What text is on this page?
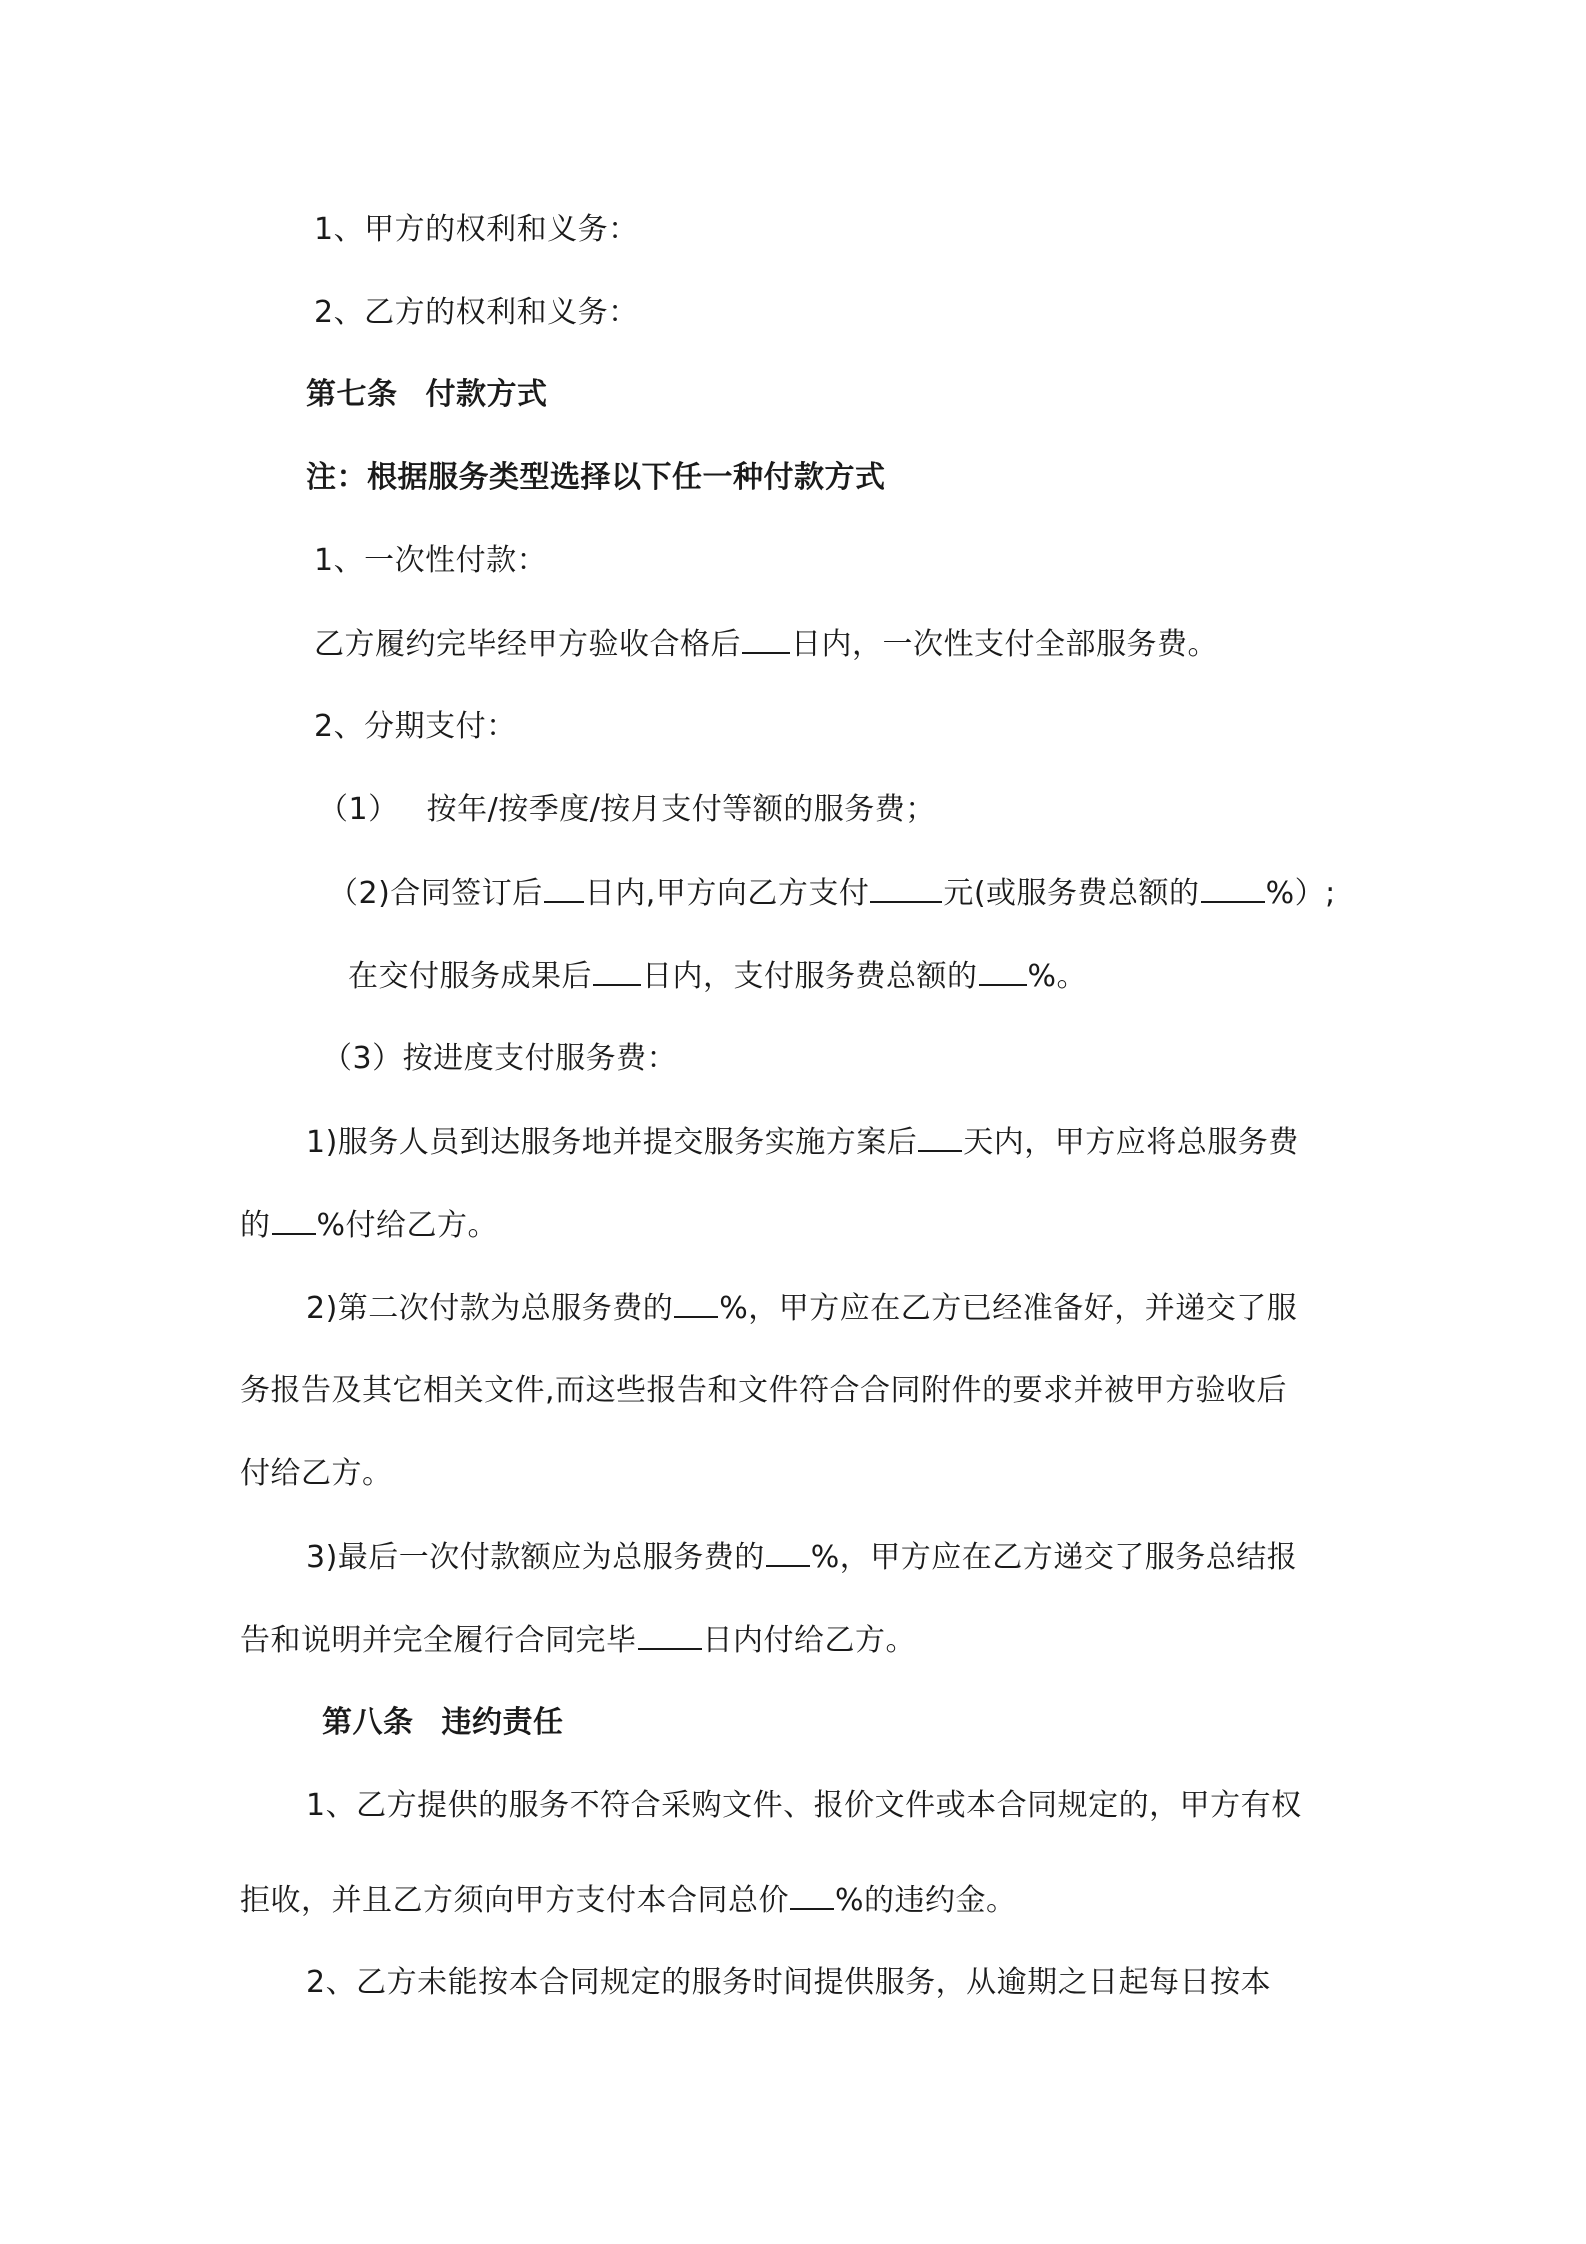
1、甲方的权利和义务：
2、乙方的权利和义务：
第七条 付款方式
注：根据服务类型选择以下任一种付款方式
1、一次性付款：
乙方履约完毕经甲方验收合格后 日内，一次性支付全部服务费。
2、分期支付：
（1） 按年/按季度/按月支付等额的服务费；
（2)合同签订后 日内,甲方向乙方支付 元(或服务费总额的 %）;
在交付服务成果后 日内，支付服务费总额的 %。
（3）按进度支付服务费：
1)服务人员到达服务地并提交服务实施方案后 天内，甲方应将总服务费
的 %付给乙方。
2)第二次付款为总服务费的 %，甲方应在乙方已经准备好，并递交了服
务报告及其它相关文件,而这些报告和文件符合合同附件的要求并被甲方验收后
付给乙方。
3)最后一次付款额应为总服务费的 %，甲方应在乙方递交了服务总结报
告和说明并完全履行合同完毕 日内付给乙方。
第八条 违约责任
1、乙方提供的服务不符合采购文件、报价文件或本合同规定的，甲方有权
拒收，并且乙方须向甲方支付本合同总价 %的违约金。
2、乙方未能按本合同规定的服务时间提供服务，从逾期之日起每日按本
